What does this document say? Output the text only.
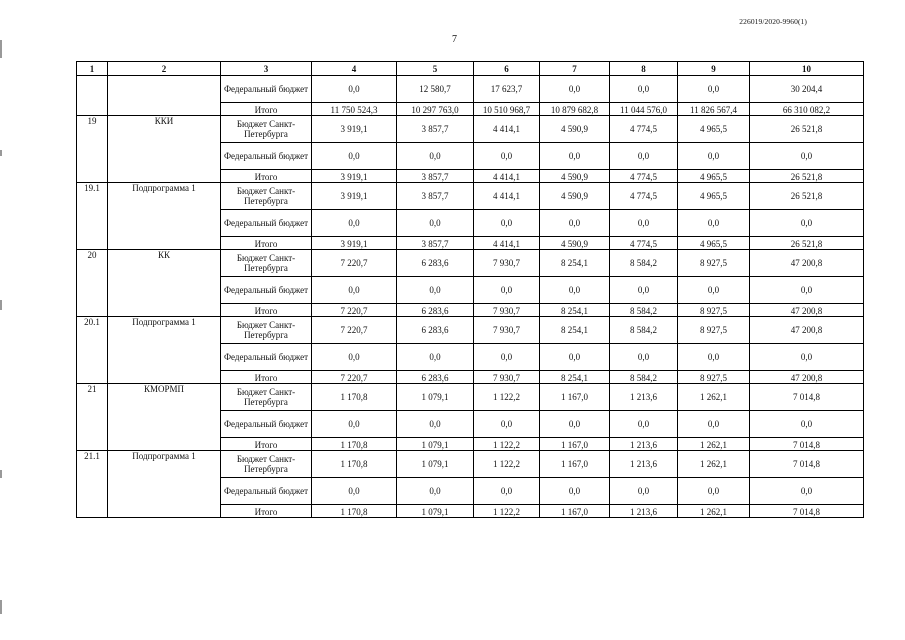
226019/2020-9960(1)
7
1	2	3	4	5	6	7	8	9	10
		Федеральный бюджет	0,0	12 580,7	17 623,7	0,0	0,0	0,0	30 204,4
		Итого	11 750 524,3	10 297 763,0	10 510 968,7	10 879 682,8	11 044 576,0	11 826 567,4	66 310 082,2
19	ККИ	Бюджет Санкт-Петербурга	3 919,1	3 857,7	4 414,1	4 590,9	4 774,5	4 965,5	26 521,8
		Федеральный бюджет	0,0	0,0	0,0	0,0	0,0	0,0	0,0
		Итого	3 919,1	3 857,7	4 414,1	4 590,9	4 774,5	4 965,5	26 521,8
19.1	Подпрограмма 1	Бюджет Санкт-Петербурга	3 919,1	3 857,7	4 414,1	4 590,9	4 774,5	4 965,5	26 521,8
		Федеральный бюджет	0,0	0,0	0,0	0,0	0,0	0,0	0,0
		Итого	3 919,1	3 857,7	4 414,1	4 590,9	4 774,5	4 965,5	26 521,8
20	КК	Бюджет Санкт-Петербурга	7 220,7	6 283,6	7 930,7	8 254,1	8 584,2	8 927,5	47 200,8
		Федеральный бюджет	0,0	0,0	0,0	0,0	0,0	0,0	0,0
		Итого	7 220,7	6 283,6	7 930,7	8 254,1	8 584,2	8 927,5	47 200,8
20.1	Подпрограмма 1	Бюджет Санкт-Петербурга	7 220,7	6 283,6	7 930,7	8 254,1	8 584,2	8 927,5	47 200,8
		Федеральный бюджет	0,0	0,0	0,0	0,0	0,0	0,0	0,0
		Итого	7 220,7	6 283,6	7 930,7	8 254,1	8 584,2	8 927,5	47 200,8
21	КМОРМП	Бюджет Санкт-Петербурга	1 170,8	1 079,1	1 122,2	1 167,0	1 213,6	1 262,1	7 014,8
		Федеральный бюджет	0,0	0,0	0,0	0,0	0,0	0,0	0,0
		Итого	1 170,8	1 079,1	1 122,2	1 167,0	1 213,6	1 262,1	7 014,8
21.1	Подпрограмма 1	Бюджет Санкт-Петербурга	1 170,8	1 079,1	1 122,2	1 167,0	1 213,6	1 262,1	7 014,8
		Федеральный бюджет	0,0	0,0	0,0	0,0	0,0	0,0	0,0
		Итого	1 170,8	1 079,1	1 122,2	1 167,0	1 213,6	1 262,1	7 014,8
